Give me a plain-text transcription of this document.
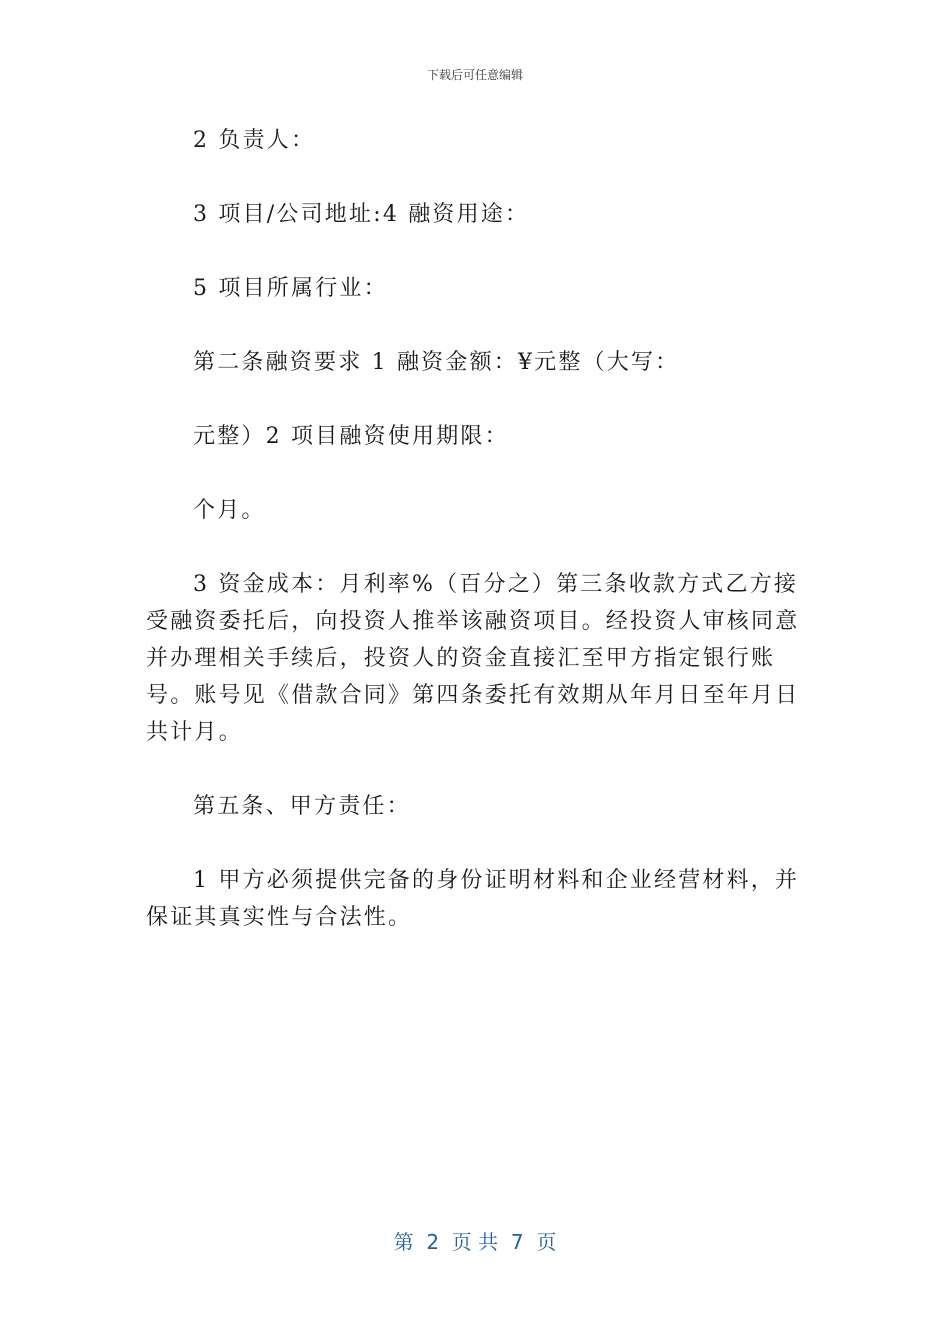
下载后可任意编辑

2 负责人：

3 项目/公司地址:4 融资用途：

5 项目所属行业：

第二条融资要求 1 融资金额：¥元整（大写：

元整）2 项目融资使用期限：

个月。

3 资金成本：月利率%（百分之）第三条收款方式乙方接受融资委托后，向投资人推举该融资项目。经投资人审核同意并办理相关手续后，投资人的资金直接汇至甲方指定银行账号。账号见《借款合同》第四条委托有效期从年月日至年月日共计月。

第五条、甲方责任：

1 甲方必须提供完备的身份证明材料和企业经营材料，并保证其真实性与合法性。

第  2  页 共  7  页
